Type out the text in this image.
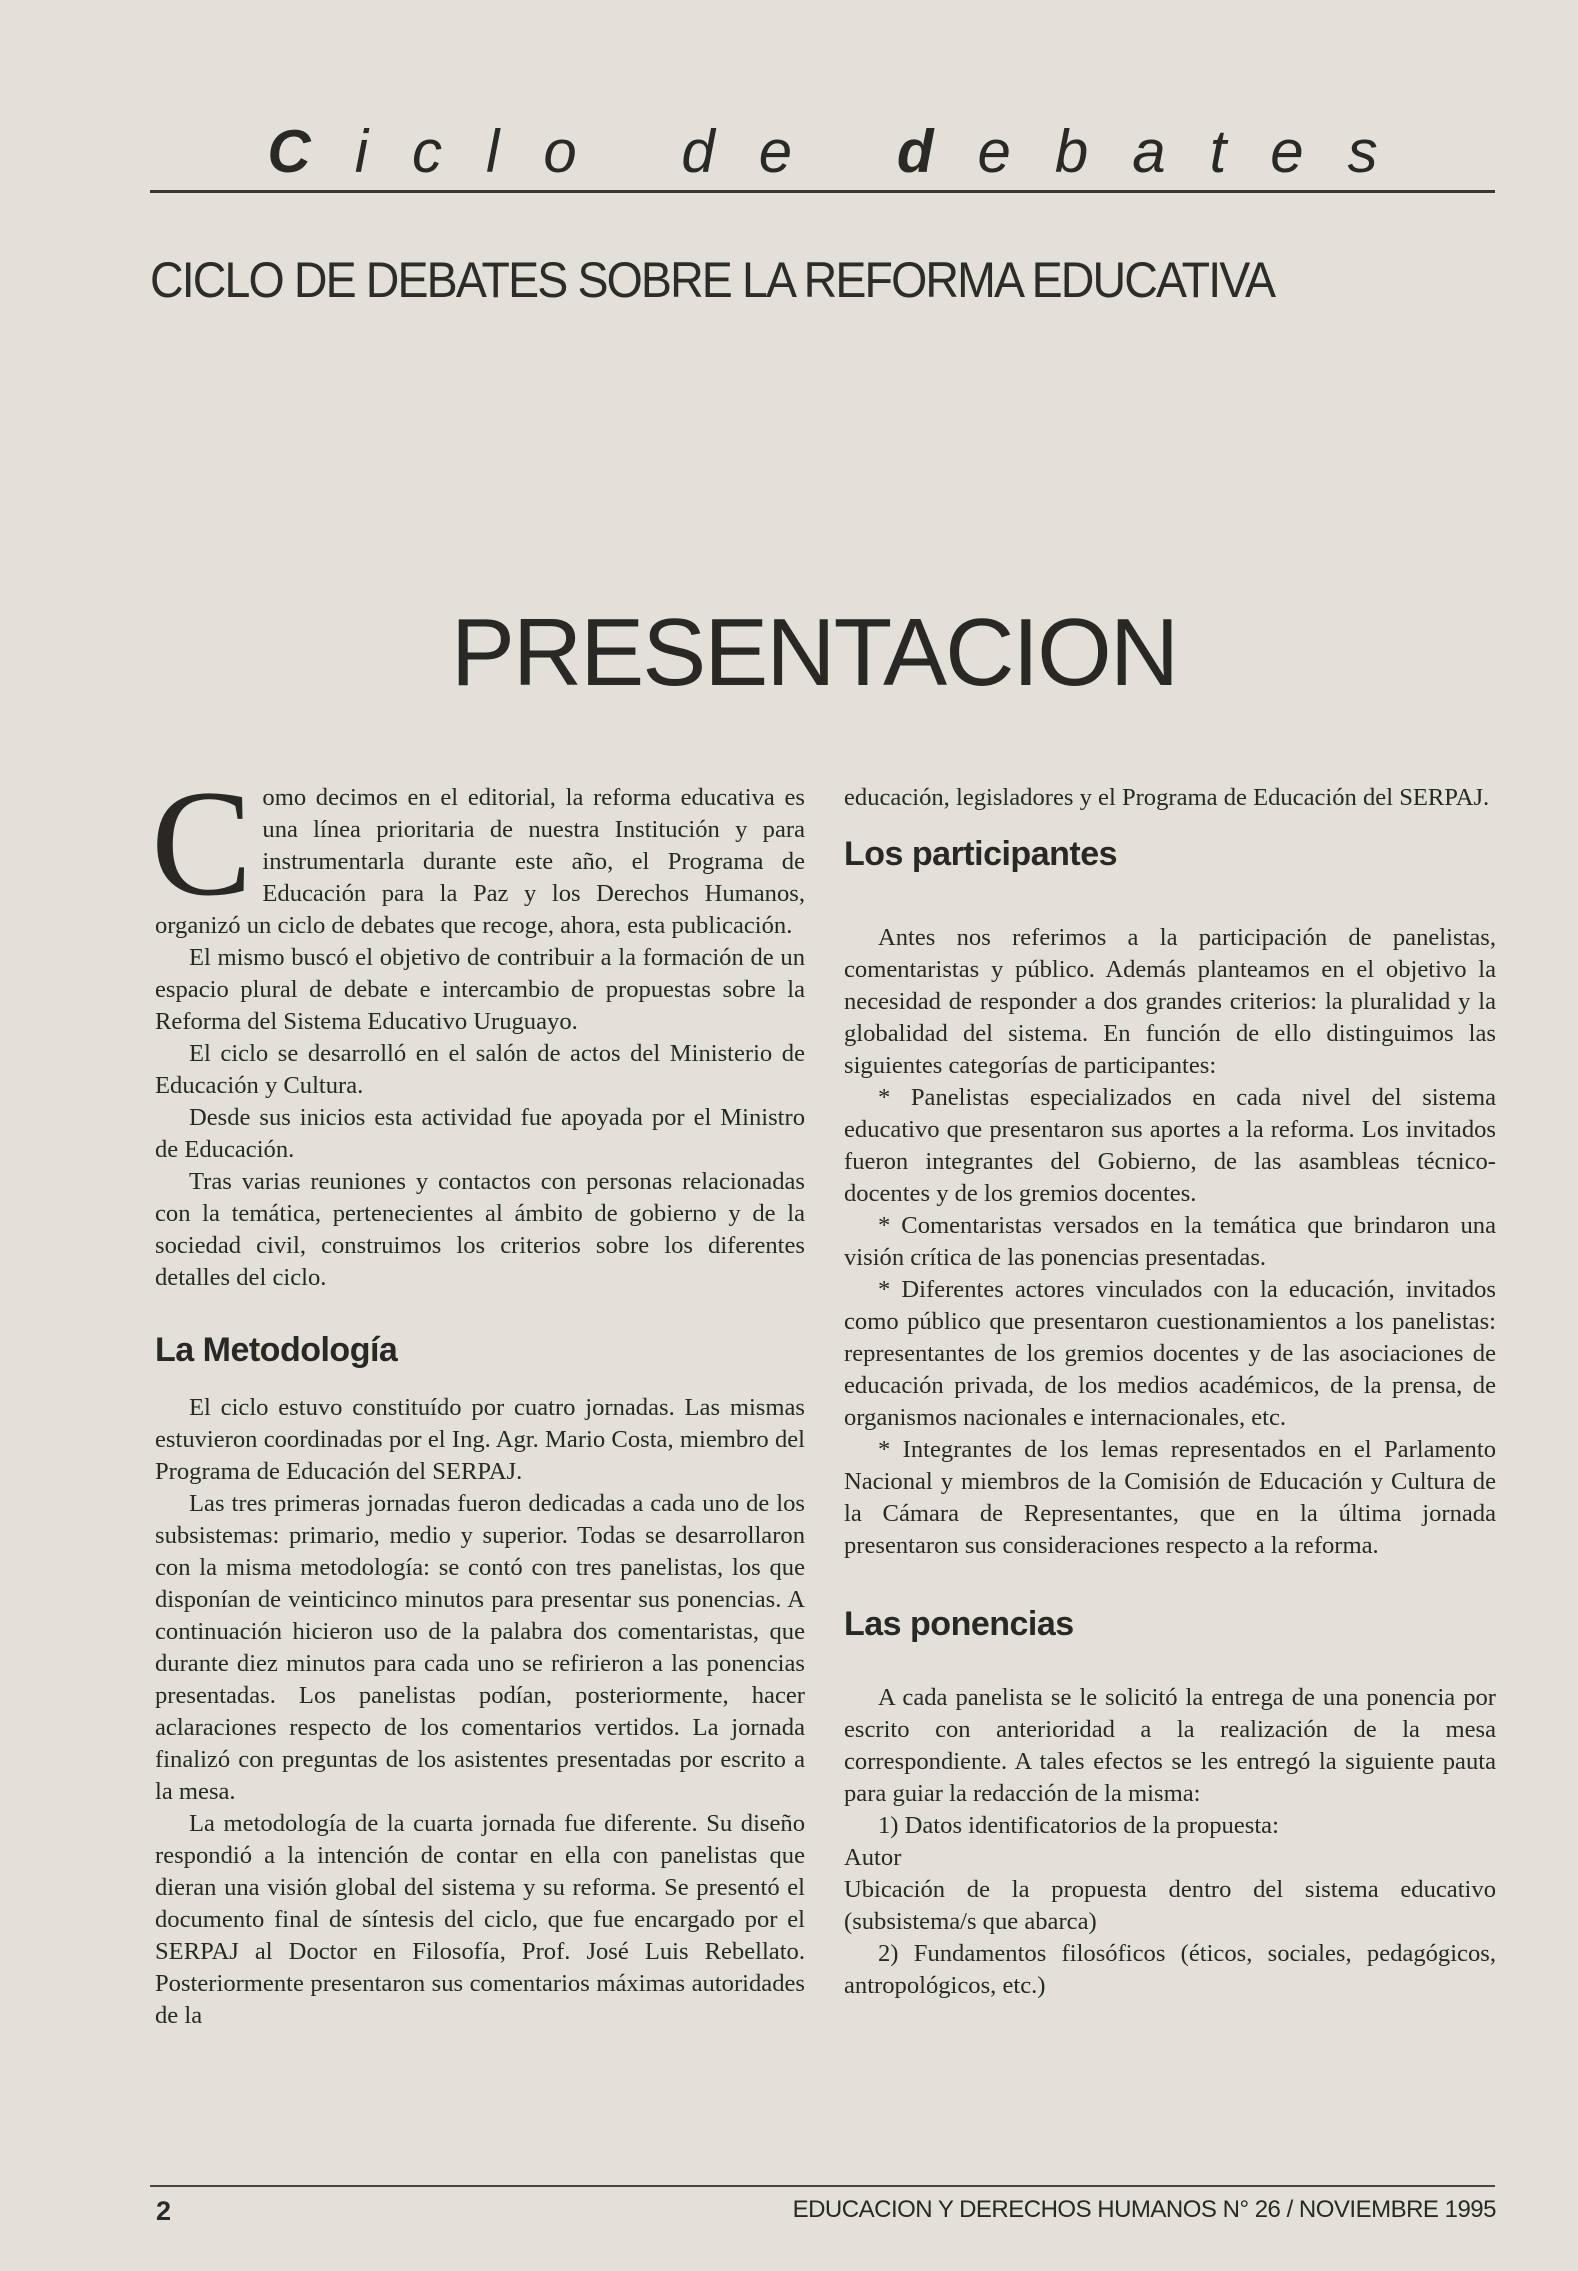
Ciclo de debates
CICLO DE DEBATES SOBRE LA REFORMA EDUCATIVA
PRESENTACION

Como decimos en el editorial, la reforma educativa es una línea prioritaria de nuestra Institución y para instrumentarla durante este año, el Programa de Educación para la Paz y los Derechos Humanos, organizó un ciclo de debates que recoge, ahora, esta publicación.

El mismo buscó el objetivo de contribuir a la formación de un espacio plural de debate e intercambio de propuestas sobre la Reforma del Sistema Educativo Uruguayo.

El ciclo se desarrolló en el salón de actos del Ministerio de Educación y Cultura.

Desde sus inicios esta actividad fue apoyada por el Ministro de Educación.

Tras varias reuniones y contactos con personas relacionadas con la temática, pertenecientes al ámbito de gobierno y de la sociedad civil, construimos los criterios sobre los diferentes detalles del ciclo.

La Metodología

El ciclo estuvo constituído por cuatro jornadas. Las mismas estuvieron coordinadas por el Ing. Agr. Mario Costa, miembro del Programa de Educación del SERPAJ.

Las tres primeras jornadas fueron dedicadas a cada uno de los subsistemas: primario, medio y superior. Todas se desarrollaron con la misma metodología: se contó con tres panelistas, los que disponían de veinticinco minutos para presentar sus ponencias. A continuación hicieron uso de la palabra dos comentaristas, que durante diez minutos para cada uno se refirieron a las ponencias presentadas. Los panelistas podían, posteriormente, hacer aclaraciones respecto de los comentarios vertidos. La jornada finalizó con preguntas de los asistentes presentadas por escrito a la mesa.

La metodología de la cuarta jornada fue diferente. Su diseño respondió a la intención de contar en ella con panelistas que dieran una visión global del sistema y su reforma. Se presentó el documento final de síntesis del ciclo, que fue encargado por el SERPAJ al Doctor en Filosofía, Prof. José Luis Rebellato. Posteriormente presentaron sus comentarios máximas autoridades de la

educación, legisladores y el Programa de Educación del SERPAJ.

Los participantes

Antes nos referimos a la participación de panelistas, comentaristas y público. Además planteamos en el objetivo la necesidad de responder a dos grandes criterios: la pluralidad y la globalidad del sistema. En función de ello distinguimos las siguientes categorías de participantes:

* Panelistas especializados en cada nivel del sistema educativo que presentaron sus aportes a la reforma. Los invitados fueron integrantes del Gobierno, de las asambleas técnico-docentes y de los gremios docentes.

* Comentaristas versados en la temática que brindaron una visión crítica de las ponencias presentadas.

* Diferentes actores vinculados con la educación, invitados como público que presentaron cuestionamientos a los panelistas: representantes de los gremios docentes y de las asociaciones de educación privada, de los medios académicos, de la prensa, de organismos nacionales e internacionales, etc.

* Integrantes de los lemas representados en el Parlamento Nacional y miembros de la Comisión de Educación y Cultura de la Cámara de Representantes, que en la última jornada presentaron sus consideraciones respecto a la reforma.

Las ponencias

A cada panelista se le solicitó la entrega de una ponencia por escrito con anterioridad a la realización de la mesa correspondiente. A tales efectos se les entregó la siguiente pauta para guiar la redacción de la misma:

1) Datos identificatorios de la propuesta:

Autor

Ubicación de la propuesta dentro del sistema educativo (subsistema/s que abarca)

2) Fundamentos filosóficos (éticos, sociales, pedagógicos, antropológicos, etc.)

2	EDUCACION Y DERECHOS HUMANOS N° 26 / NOVIEMBRE 1995
